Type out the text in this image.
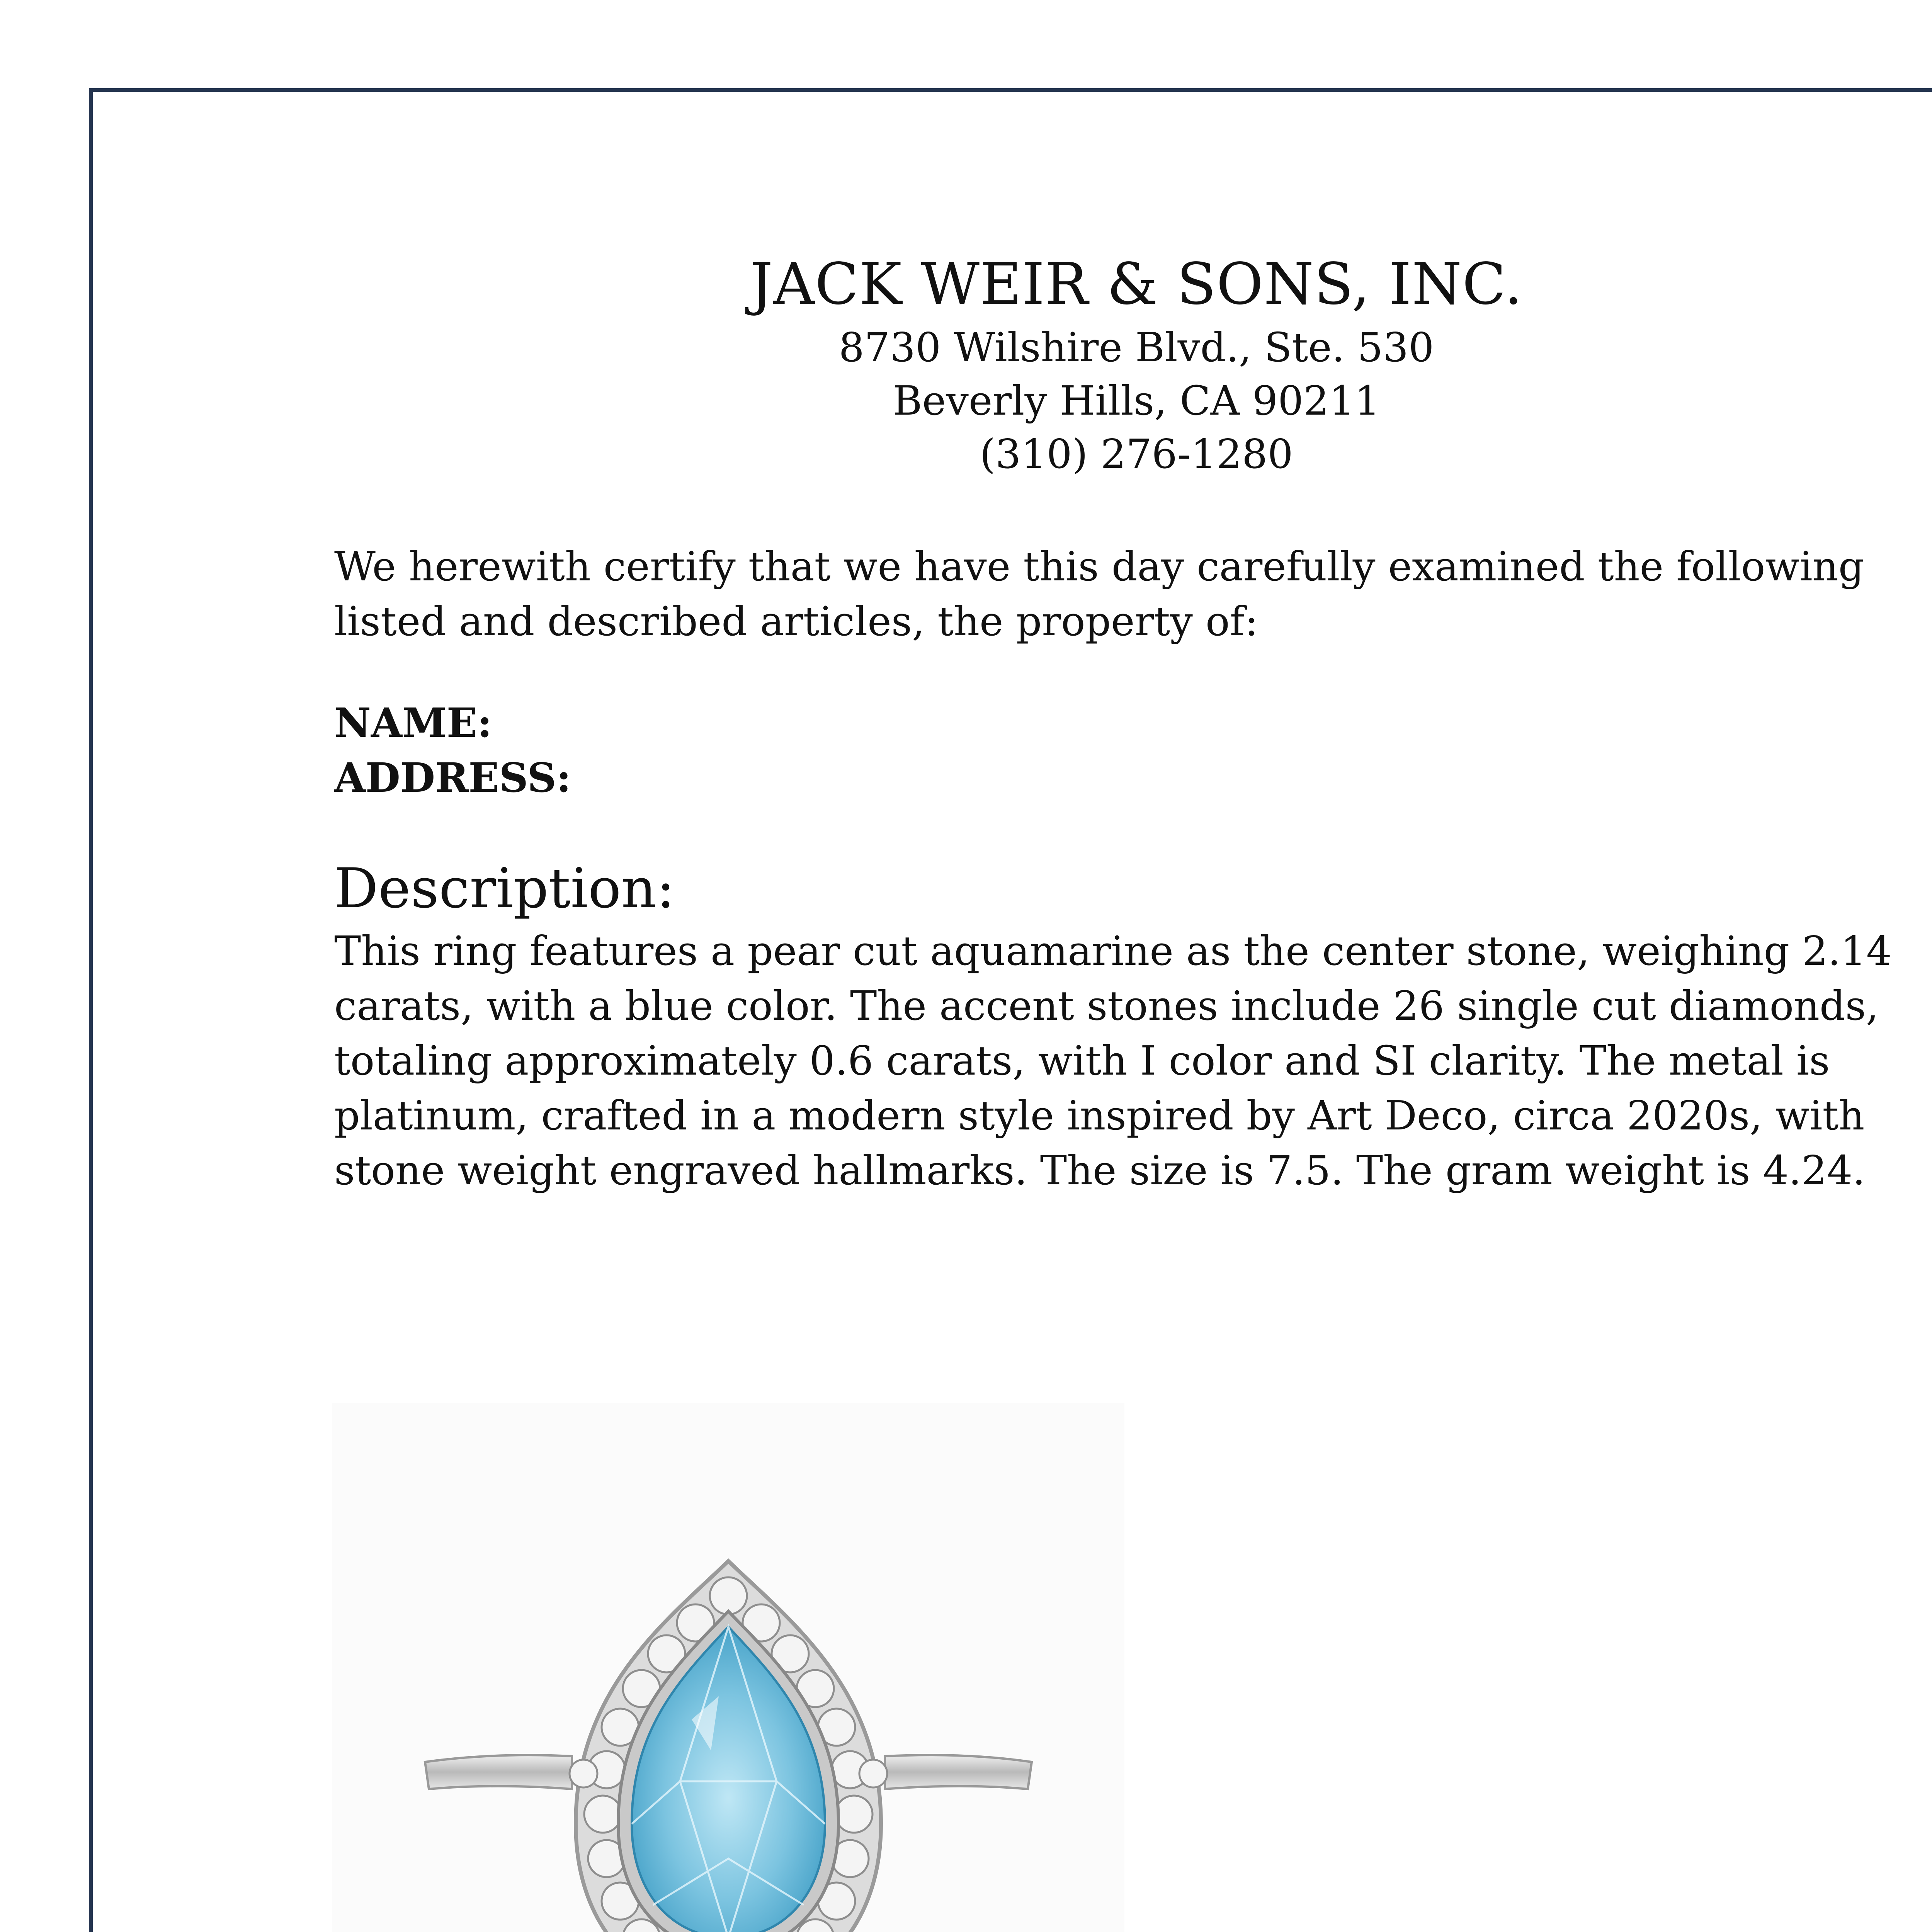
JACK WEIR & SONS, INC.
8730 Wilshire Blvd., Ste. 530
Beverly Hills, CA 90211
(310) 276-1280
We herewith certify that we have this day carefully examined the following listed and described articles, the property of:
NAME:
ADDRESS:
Description:
This ring features a pear cut aquamarine as the center stone, weighing 2.14 carats, with a blue color. The accent stones include 26 single cut diamonds, totaling approximately 0.6 carats, with I color and SI clarity. The metal is platinum, crafted in a modern style inspired by Art Deco, circa 2020s, with stone weight engraved hallmarks. The size is 7.5. The gram weight is 4.24.
